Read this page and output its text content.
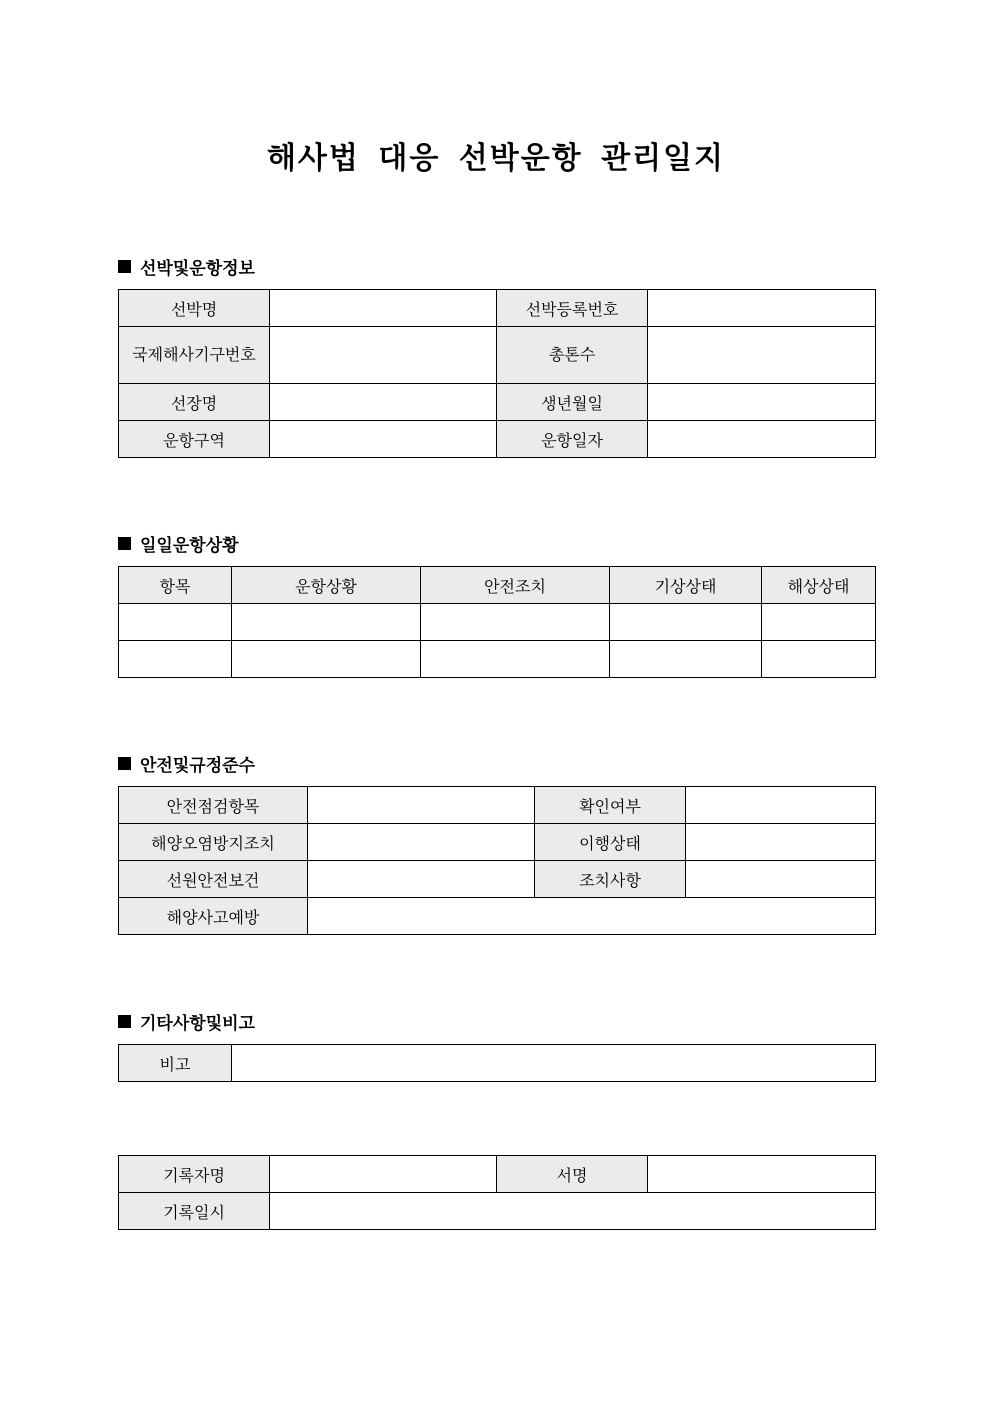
해사법 대응 선박운항 관리일지
선박및운항정보
선박명		선박등록번호	
국제해사기구번호		총톤수	
선장명		생년월일	
운항구역		운항일자	
일일운항상황
항목	운항상황	안전조치	기상상태	해상상태

안전및규정준수
안전점검항목		확인여부	
해양오염방지조치		이행상태	
선원안전보건		조치사항	
해양사고예방			
기타사항및비고
비고	
기록자명		서명	
기록일시			
